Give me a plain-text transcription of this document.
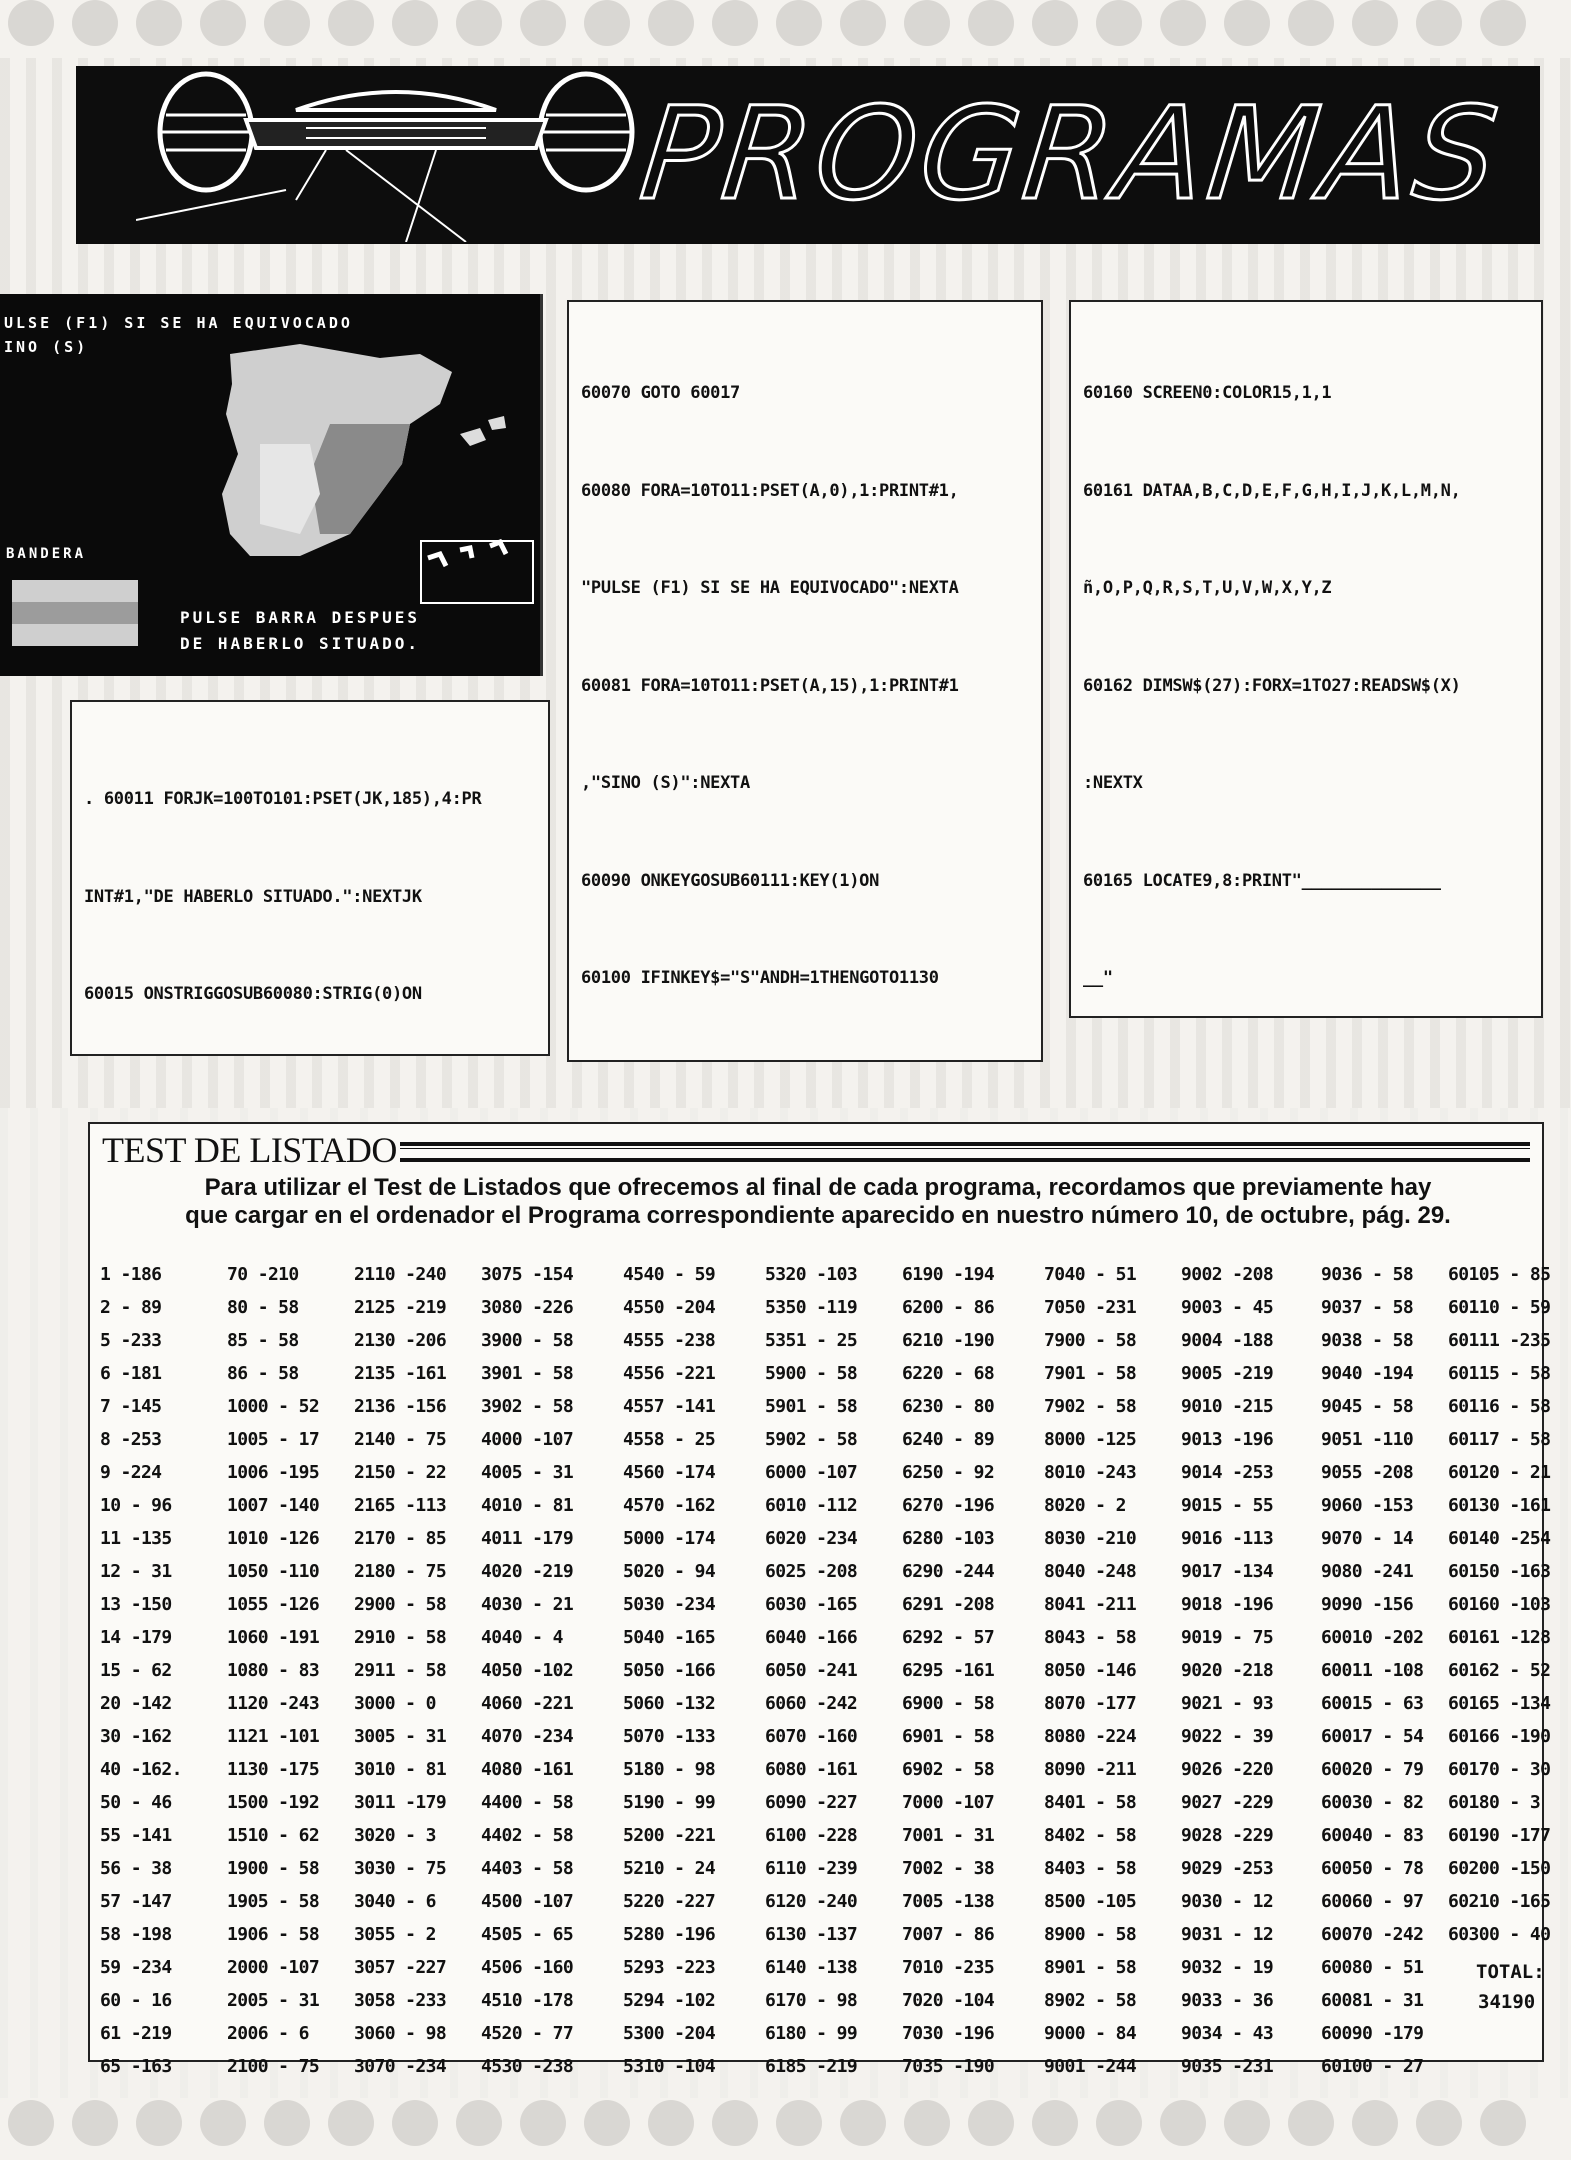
PROGRAMAS
ULSE (F1) SI SE HA EQUIVOCADO
INO (S)
BANDERA
PULSE BARRA DESPUES
DE HABERLO SITUADO.

. 60011 FORJK=100TO101:PSET(JK,185),4:PR

INT#1,"DE HABERLO SITUADO.":NEXTJK

60015 ONSTRIGGOSUB60080:STRIG(0)ON

60070 GOTO 60017

60080 FORA=10TO11:PSET(A,0),1:PRINT#1,

"PULSE (F1) SI SE HA EQUIVOCADO":NEXTA

60081 FORA=10TO11:PSET(A,15),1:PRINT#1

,"SINO (S)":NEXTA

60090 ONKEYGOSUB60111:KEY(1)ON

60100 IFINKEY$="S"ANDH=1THENGOTO1130

60160 SCREEN0:COLOR15,1,1

60161 DATAA,B,C,D,E,F,G,H,I,J,K,L,M,N,

ñ,O,P,Q,R,S,T,U,V,W,X,Y,Z

60162 DIMSW$(27):FORX=1TO27:READSW$(X)

:NEXTX

60165 LOCATE9,8:PRINT"______________

__"

TEST DE LISTADO
Para utilizar el Test de Listados que ofrecemos al final de cada programa, recordamos que previamente hay
que cargar en el ordenador el Programa correspondiente aparecido en nuestro número 10, de octubre, pág. 29.
1 -186
2 - 89
5 -233
6 -181
7 -145
8 -253
9 -224
10 - 96
11 -135
12 - 31
13 -150
14 -179
15 - 62
20 -142
30 -162
40 -162.
50 - 46
55 -141
56 - 38
57 -147
58 -198
59 -234
60 - 16
61 -219
65 -163
70 -210
80 - 58
85 - 58
86 - 58
1000 - 52
1005 - 17
1006 -195
1007 -140
1010 -126
1050 -110
1055 -126
1060 -191
1080 - 83
1120 -243
1121 -101
1130 -175
1500 -192
1510 - 62
1900 - 58
1905 - 58
1906 - 58
2000 -107
2005 - 31
2006 - 6
2100 - 75
2110 -240
2125 -219
2130 -206
2135 -161
2136 -156
2140 - 75
2150 - 22
2165 -113
2170 - 85
2180 - 75
2900 - 58
2910 - 58
2911 - 58
3000 - 0
3005 - 31
3010 - 81
3011 -179
3020 - 3
3030 - 75
3040 - 6
3055 - 2
3057 -227
3058 -233
3060 - 98
3070 -234
3075 -154
3080 -226
3900 - 58
3901 - 58
3902 - 58
4000 -107
4005 - 31
4010 - 81
4011 -179
4020 -219
4030 - 21
4040 - 4
4050 -102
4060 -221
4070 -234
4080 -161
4400 - 58
4402 - 58
4403 - 58
4500 -107
4505 - 65
4506 -160
4510 -178
4520 - 77
4530 -238
4540 - 59
4550 -204
4555 -238
4556 -221
4557 -141
4558 - 25
4560 -174
4570 -162
5000 -174
5020 - 94
5030 -234
5040 -165
5050 -166
5060 -132
5070 -133
5180 - 98
5190 - 99
5200 -221
5210 - 24
5220 -227
5280 -196
5293 -223
5294 -102
5300 -204
5310 -104
5320 -103
5350 -119
5351 - 25
5900 - 58
5901 - 58
5902 - 58
6000 -107
6010 -112
6020 -234
6025 -208
6030 -165
6040 -166
6050 -241
6060 -242
6070 -160
6080 -161
6090 -227
6100 -228
6110 -239
6120 -240
6130 -137
6140 -138
6170 - 98
6180 - 99
6185 -219
6190 -194
6200 - 86
6210 -190
6220 - 68
6230 - 80
6240 - 89
6250 - 92
6270 -196
6280 -103
6290 -244
6291 -208
6292 - 57
6295 -161
6900 - 58
6901 - 58
6902 - 58
7000 -107
7001 - 31
7002 - 38
7005 -138
7007 - 86
7010 -235
7020 -104
7030 -196
7035 -190
7040 - 51
7050 -231
7900 - 58
7901 - 58
7902 - 58
8000 -125
8010 -243
8020 - 2
8030 -210
8040 -248
8041 -211
8043 - 58
8050 -146
8070 -177
8080 -224
8090 -211
8401 - 58
8402 - 58
8403 - 58
8500 -105
8900 - 58
8901 - 58
8902 - 58
9000 - 84
9001 -244
9002 -208
9003 - 45
9004 -188
9005 -219
9010 -215
9013 -196
9014 -253
9015 - 55
9016 -113
9017 -134
9018 -196
9019 - 75
9020 -218
9021 - 93
9022 - 39
9026 -220
9027 -229
9028 -229
9029 -253
9030 - 12
9031 - 12
9032 - 19
9033 - 36
9034 - 43
9035 -231
9036 - 58
9037 - 58
9038 - 58
9040 -194
9045 - 58
9051 -110
9055 -208
9060 -153
9070 - 14
9080 -241
9090 -156
60010 -202
60011 -108
60015 - 63
60017 - 54
60020 - 79
60030 - 82
60040 - 83
60050 - 78
60060 - 97
60070 -242
60080 - 51
60081 - 31
60090 -179
60100 - 27
60105 - 85
60110 - 59
60111 -235
60115 - 58
60116 - 58
60117 - 58
60120 - 21
60130 -161
60140 -254
60150 -163
60160 -103
60161 -128
60162 - 52
60165 -134
60166 -190
60170 - 30
60180 - 3
60190 -177
60200 -150
60210 -165
60300 - 40
TOTAL:
34190
